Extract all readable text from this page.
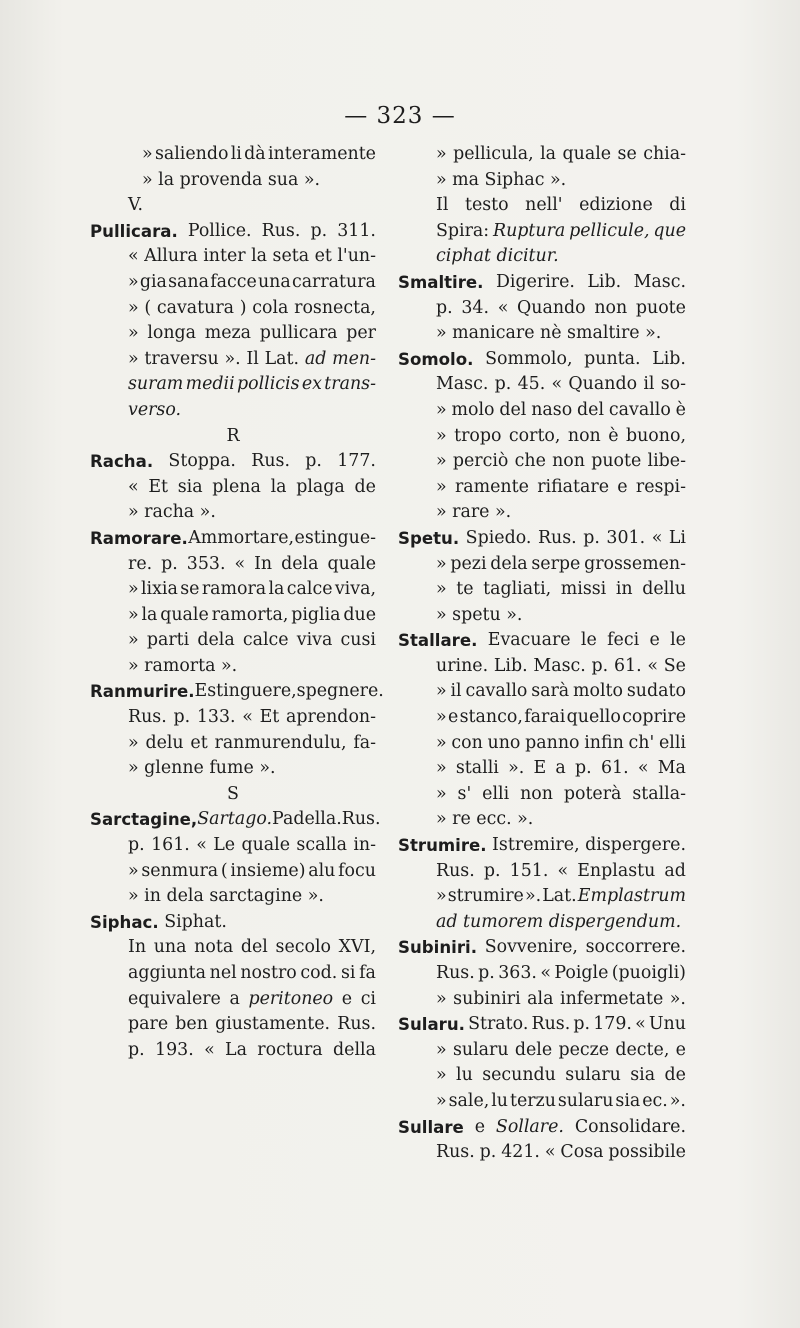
— 323 —
» saliendo li dà interamente
» la provenda sua ».
V.
Pullicara. Pollice. Rus. p. 311.
« Allura inter la seta et l'un-
» gia sana facce una carratura
» ( cavatura ) cola rosnecta,
» longa meza pullicara per
» traversu ». Il Lat. ad men-
suram medii pollicis ex trans-
verso.
R
Racha. Stoppa. Rus. p. 177.
« Et sia plena la plaga de
» racha ».
Ramorare. Ammortare, estingue-
re. p. 353. « In dela quale
» lixia se ramora la calce viva,
» la quale ramorta, piglia due
» parti dela calce viva cusi
» ramorta ».
Ranmurire. Estinguere, spegnere.
Rus. p. 133. « Et aprendon-
» delu et ranmurendulu, fa-
» glenne fume ».
S
Sarctagine, Sartago. Padella. Rus.
p. 161. « Le quale scalla in-
» senmura ( insieme) alu focu
» in dela sarctagine ».
Siphac. Siphat.
In una nota del secolo XVI,
aggiunta nel nostro cod. si fa
equivalere a peritoneo e ci
pare ben giustamente. Rus.
p. 193. « La roctura della
» pellicula, la quale se chia-
» ma Siphac ».
Il testo nell' edizione di
Spira: Ruptura pellicule, que
ciphat dicitur.
Smaltire. Digerire. Lib. Masc.
p. 34. « Quando non puote
» manicare nè smaltire ».
Somolo. Sommolo, punta. Lib.
Masc. p. 45. « Quando il so-
» molo del naso del cavallo è
» tropo corto, non è buono,
» perciò che non puote libe-
» ramente rifiatare e respi-
» rare ».
Spetu. Spiedo. Rus. p. 301. « Li
» pezi dela serpe grossemen-
» te tagliati, missi in dellu
» spetu ».
Stallare. Evacuare le feci e le
urine. Lib. Masc. p. 61. « Se
» il cavallo sarà molto sudato
» e stanco, farai quello coprire
» con uno panno infin ch' elli
» stalli ». E a p. 61. « Ma
» s' elli non poterà stalla-
» re ecc. ».
Strumire. Istremire, dispergere.
Rus. p. 151. « Enplastu ad
» strumire ». Lat. Emplastrum
ad tumorem dispergendum.
Subiniri. Sovvenire, soccorrere.
Rus. p. 363. « Poigle (puoigli)
» subiniri ala infermetate ».
Sularu. Strato. Rus. p. 179. « Unu
» sularu dele pecze decte, e
» lu secundu sularu sia de
» sale, lu terzu sularu sia ec. ».
Sullare e Sollare. Consolidare.
Rus. p. 421. « Cosa possibile
